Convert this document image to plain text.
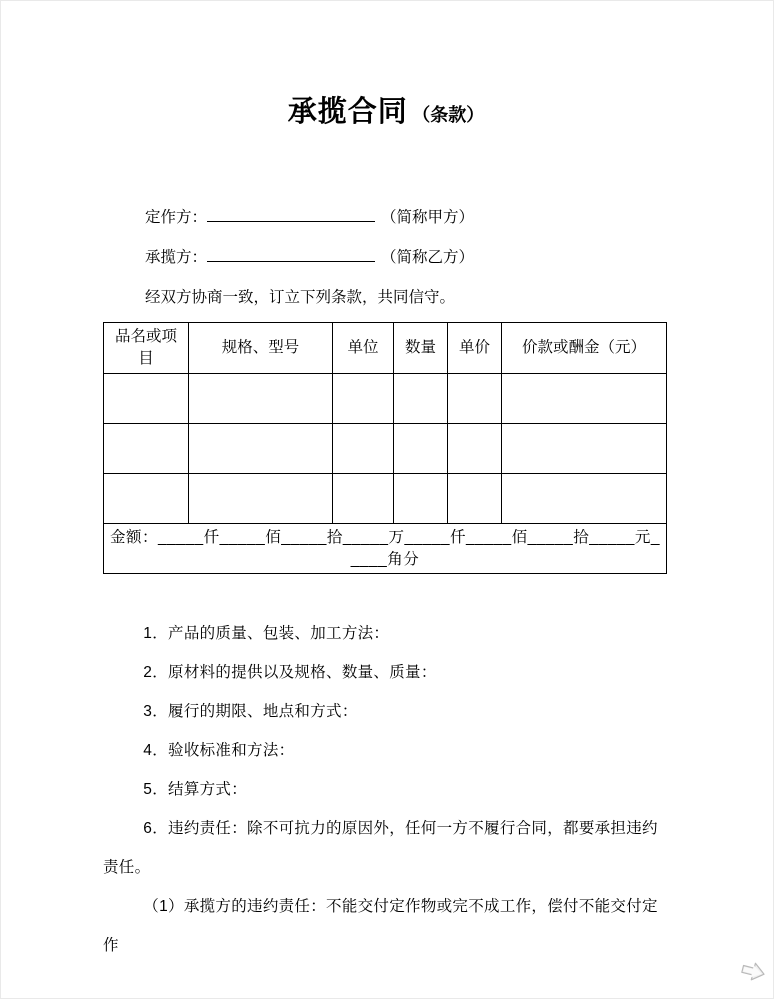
承揽合同 （条款）
定作方：	（简称甲方）
承揽方：	（简称乙方）
经双方协商一致，订立下列条款，共同信守。
品名或项目	规格、型号	单位	数量	单价	价款或酬金（元）

金额：_____仟_____佰_____拾_____万_____仟_____佰_____拾_____元_____角分					

1．产品的质量、包装、加工方法：

2．原材料的提供以及规格、数量、质量：

3．履行的期限、地点和方式：

4．验收标准和方法：

5．结算方式：

6．违约责任：除不可抗力的原因外，任何一方不履行合同，都要承担违约责任。

（1）承揽方的违约责任：不能交付定作物或完不成工作，偿付不能交付定作
